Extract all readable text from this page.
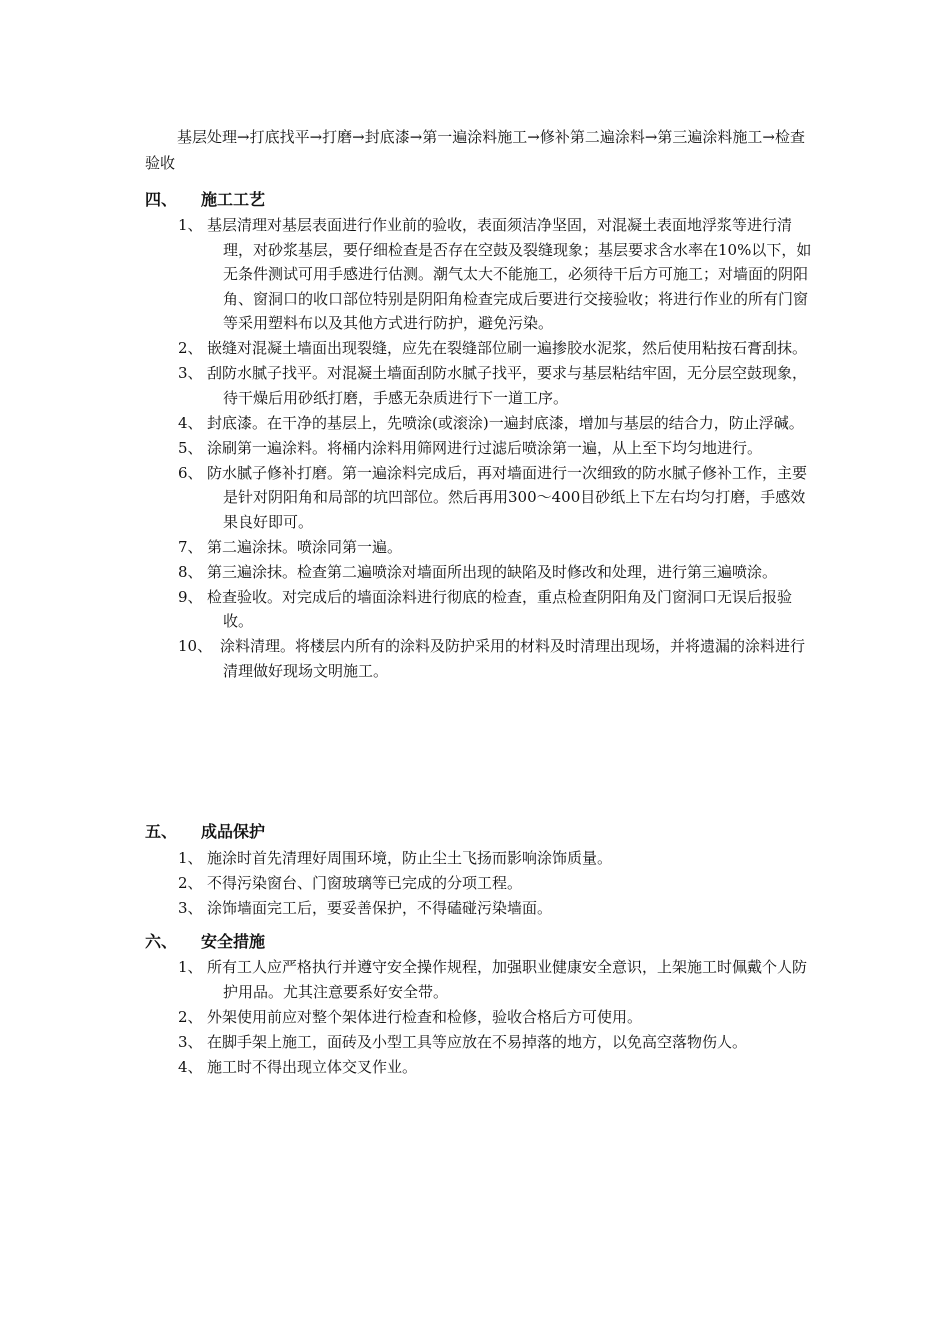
基层处理→打底找平→打磨→封底漆→第一遍涂料施工→修补第二遍涂料→第三遍涂料施工→检查验收

四、 施工工艺
1、 基层清理对基层表面进行作业前的验收，表面须洁净坚固，对混凝土表面地浮浆等进行清理，对砂浆基层，要仔细检查是否存在空鼓及裂缝现象；基层要求含水率在10%以下，如无条件测试可用手感进行估测。潮气太大不能施工，必须待干后方可施工；对墙面的阴阳角、窗洞口的收口部位特别是阴阳角检查完成后要进行交接验收；将进行作业的所有门窗等采用塑料布以及其他方式进行防护，避免污染。
2、 嵌缝对混凝土墙面出现裂缝，应先在裂缝部位刷一遍掺胶水泥浆，然后使用粘按石膏刮抹。
3、 刮防水腻子找平。对混凝土墙面刮防水腻子找平，要求与基层粘结牢固，无分层空鼓现象，待干燥后用砂纸打磨，手感无杂质进行下一道工序。
4、 封底漆。在干净的基层上，先喷涂(或滚涂)一遍封底漆，增加与基层的结合力，防止浮碱。
5、 涂刷第一遍涂料。将桶内涂料用筛网进行过滤后喷涂第一遍，从上至下均匀地进行。
6、 防水腻子修补打磨。第一遍涂料完成后，再对墙面进行一次细致的防水腻子修补工作，主要是针对阴阳角和局部的坑凹部位。然后再用300～400目砂纸上下左右均匀打磨，手感效果良好即可。
7、 第二遍涂抹。喷涂同第一遍。
8、 第三遍涂抹。检查第二遍喷涂对墙面所出现的缺陷及时修改和处理，进行第三遍喷涂。
9、 检查验收。对完成后的墙面涂料进行彻底的检查，重点检查阴阳角及门窗洞口无误后报验收。
10、 涂料清理。将楼层内所有的涂料及防护采用的材料及时清理出现场，并将遗漏的涂料进行清理做好现场文明施工。
五、 成品保护
1、 施涂时首先清理好周围环境，防止尘土飞扬而影响涂饰质量。
2、 不得污染窗台、门窗玻璃等已完成的分项工程。
3、 涂饰墙面完工后，要妥善保护，不得磕碰污染墙面。
六、 安全措施
1、 所有工人应严格执行并遵守安全操作规程，加强职业健康安全意识，上架施工时佩戴个人防护用品。尤其注意要系好安全带。
2、 外架使用前应对整个架体进行检查和检修，验收合格后方可使用。
3、 在脚手架上施工，面砖及小型工具等应放在不易掉落的地方，以免高空落物伤人。
4、 施工时不得出现立体交叉作业。
